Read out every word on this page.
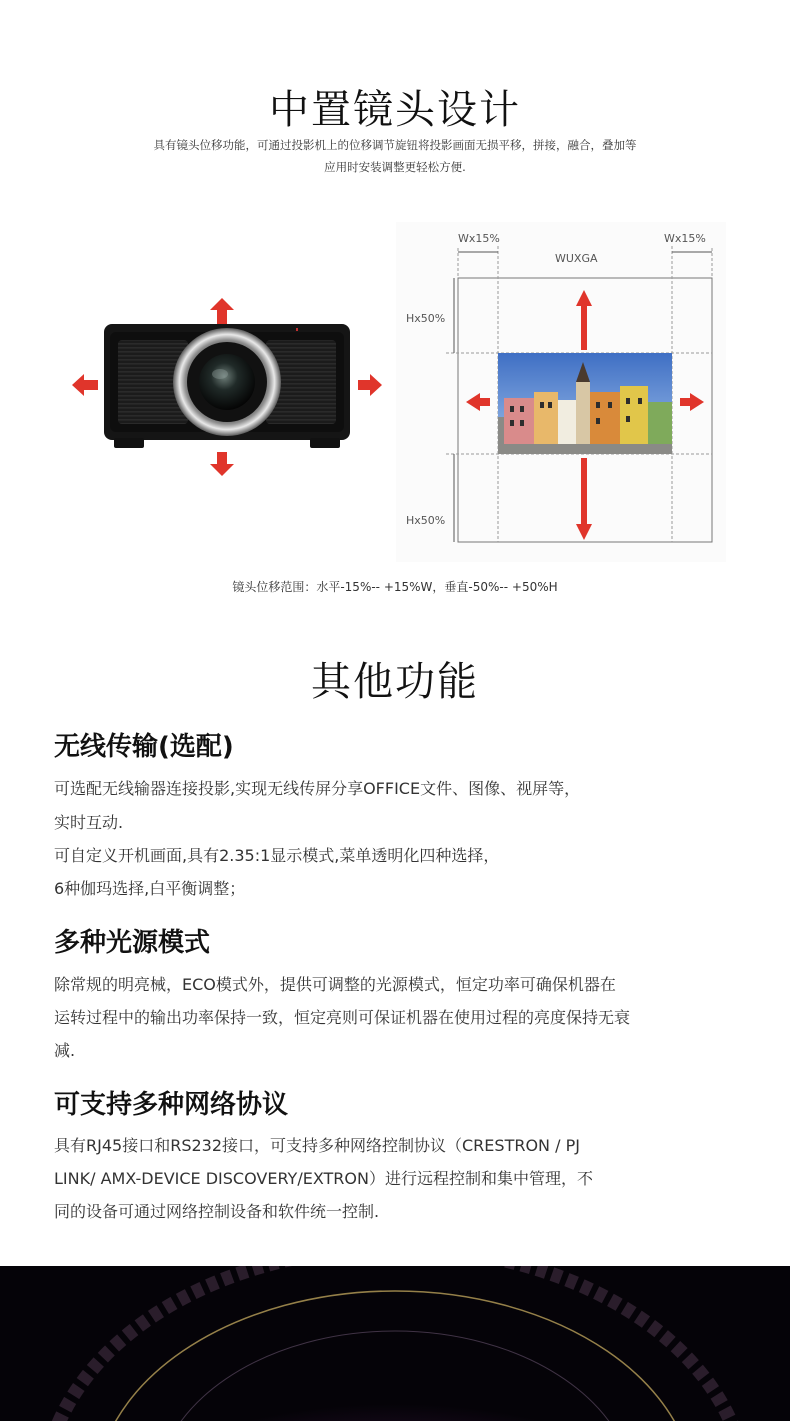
中置镜头设计

具有镜头位移功能，可通过投影机上的位移调节旋钮将投影画面无损平移，拼接，融合，叠加等

应用时安装调整更轻松方便.

Wx15%	Wx15%
WUXGA
Hx50%
Hx50%

镜头位移范围：水平-15%-- +15%W，垂直-50%-- +50%H

其他功能
无线传输(选配)

可选配无线输器连接投影,实现无线传屏分享OFFICE文件、图像、视屏等，

实时互动.

可自定义开机画面,具有2.35:1显示模式,菜单透明化四种选择，

6种伽玛选择,白平衡调整；

多种光源模式

除常规的明亮械，ECO模式外，提供可调整的光源模式，恒定功率可确保机器在

运转过程中的输出功率保持一致，恒定亮则可保证机器在使用过程的亮度保持无衰

减.

可支持多种网络协议

具有RJ45接口和RS232接口，可支持多种网络控制协议（CRESTRON / PJ

LINK/ AMX-DEVICE DISCOVERY/EXTRON）进行远程控制和集中管理，不

同的设备可通过网络控制设备和软件统一控制.
